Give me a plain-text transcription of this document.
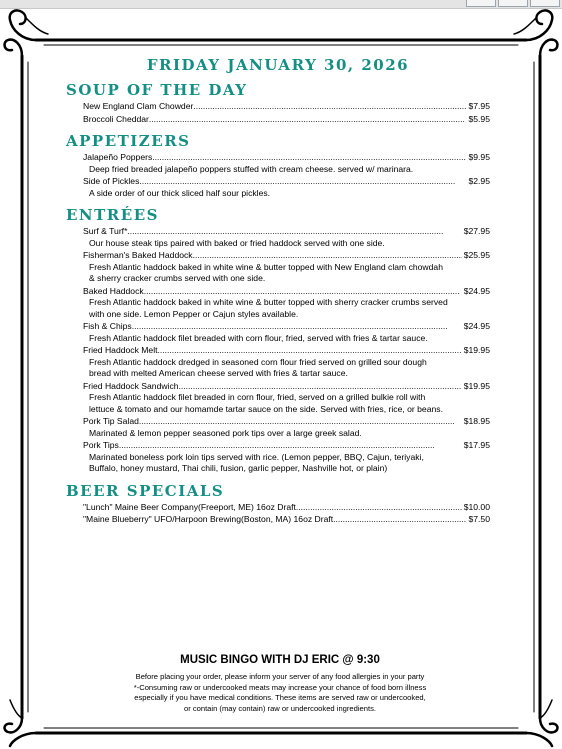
FRIDAY JANUARY 30, 2026
SOUP OF THE DAY
New England Clam Chowder . . .	$7.95
Broccoli Cheddar . . .	$5.95
APPETIZERS
Jalapeño Poppers . . .	$9.95
Deep fried breaded jalapeño poppers stuffed with cream cheese. served w/ marinara.
Side of Pickles . . .	$2.95
A side order of our thick sliced half sour pickles.
ENTRÉES
Surf & Turf* . . .	$27.95
Our house steak tips paired with baked or fried haddock served with one side.
Fisherman's Baked Haddock . . .	$25.95
Fresh Atlantic haddock baked in white wine & butter topped with New England clam chowdah & sherry cracker crumbs served with one side.
Baked Haddock . . .	$24.95
Fresh Atlantic haddock baked in white wine & butter topped with sherry cracker crumbs served with one side. Lemon Pepper or Cajun styles available.
Fish & Chips . . .	$24.95
Fresh Atlantic haddock filet breaded with corn flour, fried, served with fries & tartar sauce.
Fried Haddock Melt . . .	$19.95
Fresh Atlantic haddock dredged in seasoned corn flour fried served on grilled sour dough bread with melted American cheese served with fries & tartar sauce.
Fried Haddock Sandwich . . .	$19.95
Fresh Atlantic haddock filet breaded in corn flour, fried, served on a grilled bulkie roll with lettuce & tomato and our homamde tartar sauce on the side. Served with fries, rice, or beans.
Pork Tip Salad . . .	$18.95
Marinated & lemon pepper seasoned pork tips over a large greek salad.
Pork Tips . . .	$17.95
Marinated boneless pork loin tips served with rice. (Lemon pepper, BBQ, Cajun, teriyaki, Buffalo, honey mustard, Thai chili, fusion, garlic pepper, Nashville hot, or plain)
BEER SPECIALS
"Lunch" Maine Beer Company(Freeport, ME) 16oz Draft . . .	$10.00
"Maine Blueberry" UFO/Harpoon Brewing(Boston, MA) 16oz Draft . . .	$7.50
MUSIC BINGO WITH DJ ERIC @ 9:30
Before placing your order, please inform your server of any food allergies in your party
*-Consuming raw or undercooked meats may increase your chance of food born illness
especially if you have medical conditions. These items are served raw or undercooked,
or contain (may contain) raw or undercooked ingredients.
